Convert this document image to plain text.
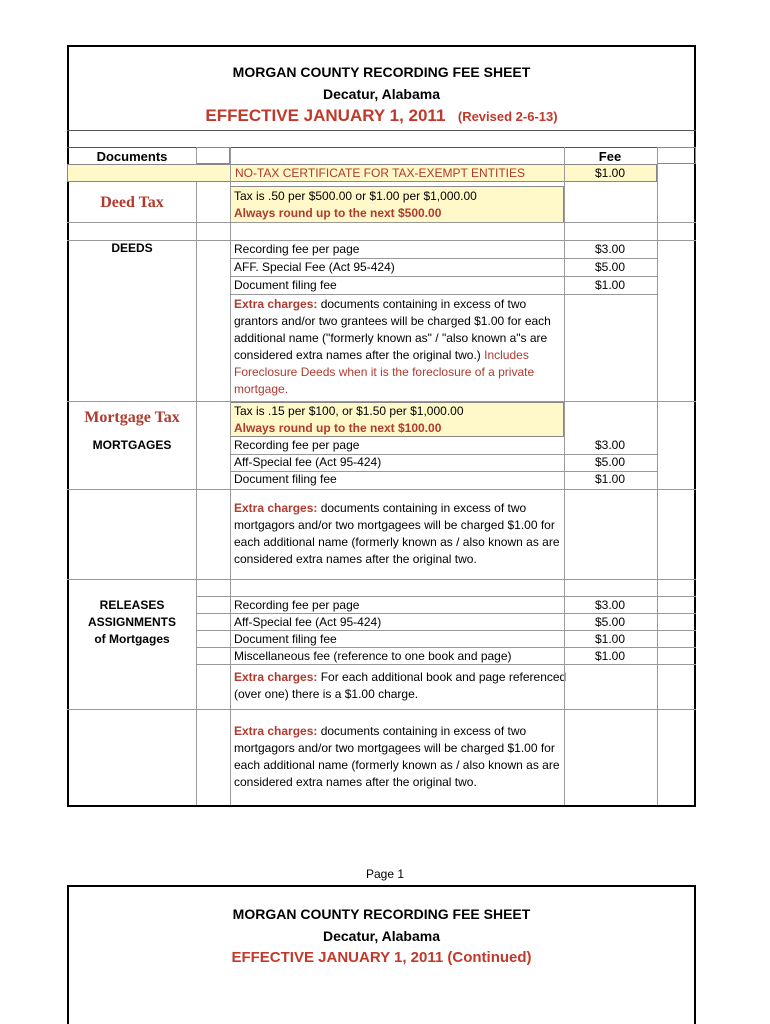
MORGAN COUNTY RECORDING FEE SHEET
Decatur, Alabama
EFFECTIVE JANUARY 1, 2011 (Revised 2-6-13)
Documents	Fee
NO-TAX CERTIFICATE FOR TAX-EXEMPT ENTITIES	$1.00
Deed Tax	Tax is .50 per $500.00 or $1.00 per $1,000.00
Always round up to the next $500.00
DEEDS	Recording fee per page	$3.00
AFF. Special Fee (Act 95-424)	$5.00
Document filing fee	$1.00
Extra charges: documents containing in excess of two
grantors and/or two grantees will be charged $1.00 for each
additional name ("formerly known as" / "also known a"s are
considered extra names after the original two.) Includes
Foreclosure Deeds when it is the foreclosure of a private
mortgage.
Mortgage Tax	Tax is .15 per $100, or $1.50 per $1,000.00
Always round up to the next $100.00
MORTGAGES	Recording fee per page	$3.00
Aff-Special fee (Act 95-424)	$5.00
Document filing fee	$1.00
Extra charges: documents containing in excess of two
mortgagors and/or two mortgagees will be charged $1.00 for
each additional name (formerly known as / also known as are
considered extra names after the original two.
RELEASES
ASSIGNMENTS
of Mortgages
Recording fee per page	$3.00
Aff-Special fee (Act 95-424)	$5.00
Document filing fee	$1.00
Miscellaneous fee (reference to one book and page)	$1.00
Extra charges: For each additional book and page referenced
(over one) there is a $1.00 charge.
Extra charges: documents containing in excess of two
mortgagors and/or two mortgagees will be charged $1.00 for
each additional name (formerly known as / also known as are
considered extra names after the original two.
Page 1
MORGAN COUNTY RECORDING FEE SHEET
Decatur, Alabama
EFFECTIVE JANUARY 1, 2011 (Continued)
